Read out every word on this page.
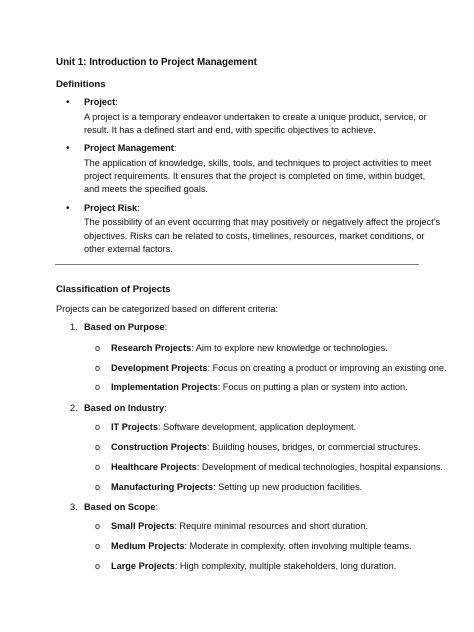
Unit 1: Introduction to Project Management
Definitions
• Project:
A project is a temporary endeavor undertaken to create a unique product, service, or
result. It has a defined start and end, with specific objectives to achieve.
• Project Management:
The application of knowledge, skills, tools, and techniques to project activities to meet
project requirements. It ensures that the project is completed on time, within budget,
and meets the specified goals.
• Project Risk:
The possibility of an event occurring that may positively or negatively affect the project’s
objectives. Risks can be related to costs, timelines, resources, market conditions, or
other external factors.
Classification of Projects
Projects can be categorized based on different criteria:
1. Based on Purpose:
o Research Projects: Aim to explore new knowledge or technologies.
o Development Projects: Focus on creating a product or improving an existing one.
o Implementation Projects: Focus on putting a plan or system into action.
2. Based on Industry:
o IT Projects: Software development, application deployment.
o Construction Projects: Building houses, bridges, or commercial structures.
o Healthcare Projects: Development of medical technologies, hospital expansions.
o Manufacturing Projects: Setting up new production facilities.
3. Based on Scope:
o Small Projects: Require minimal resources and short duration.
o Medium Projects: Moderate in complexity, often involving multiple teams.
o Large Projects: High complexity, multiple stakeholders, long duration.
